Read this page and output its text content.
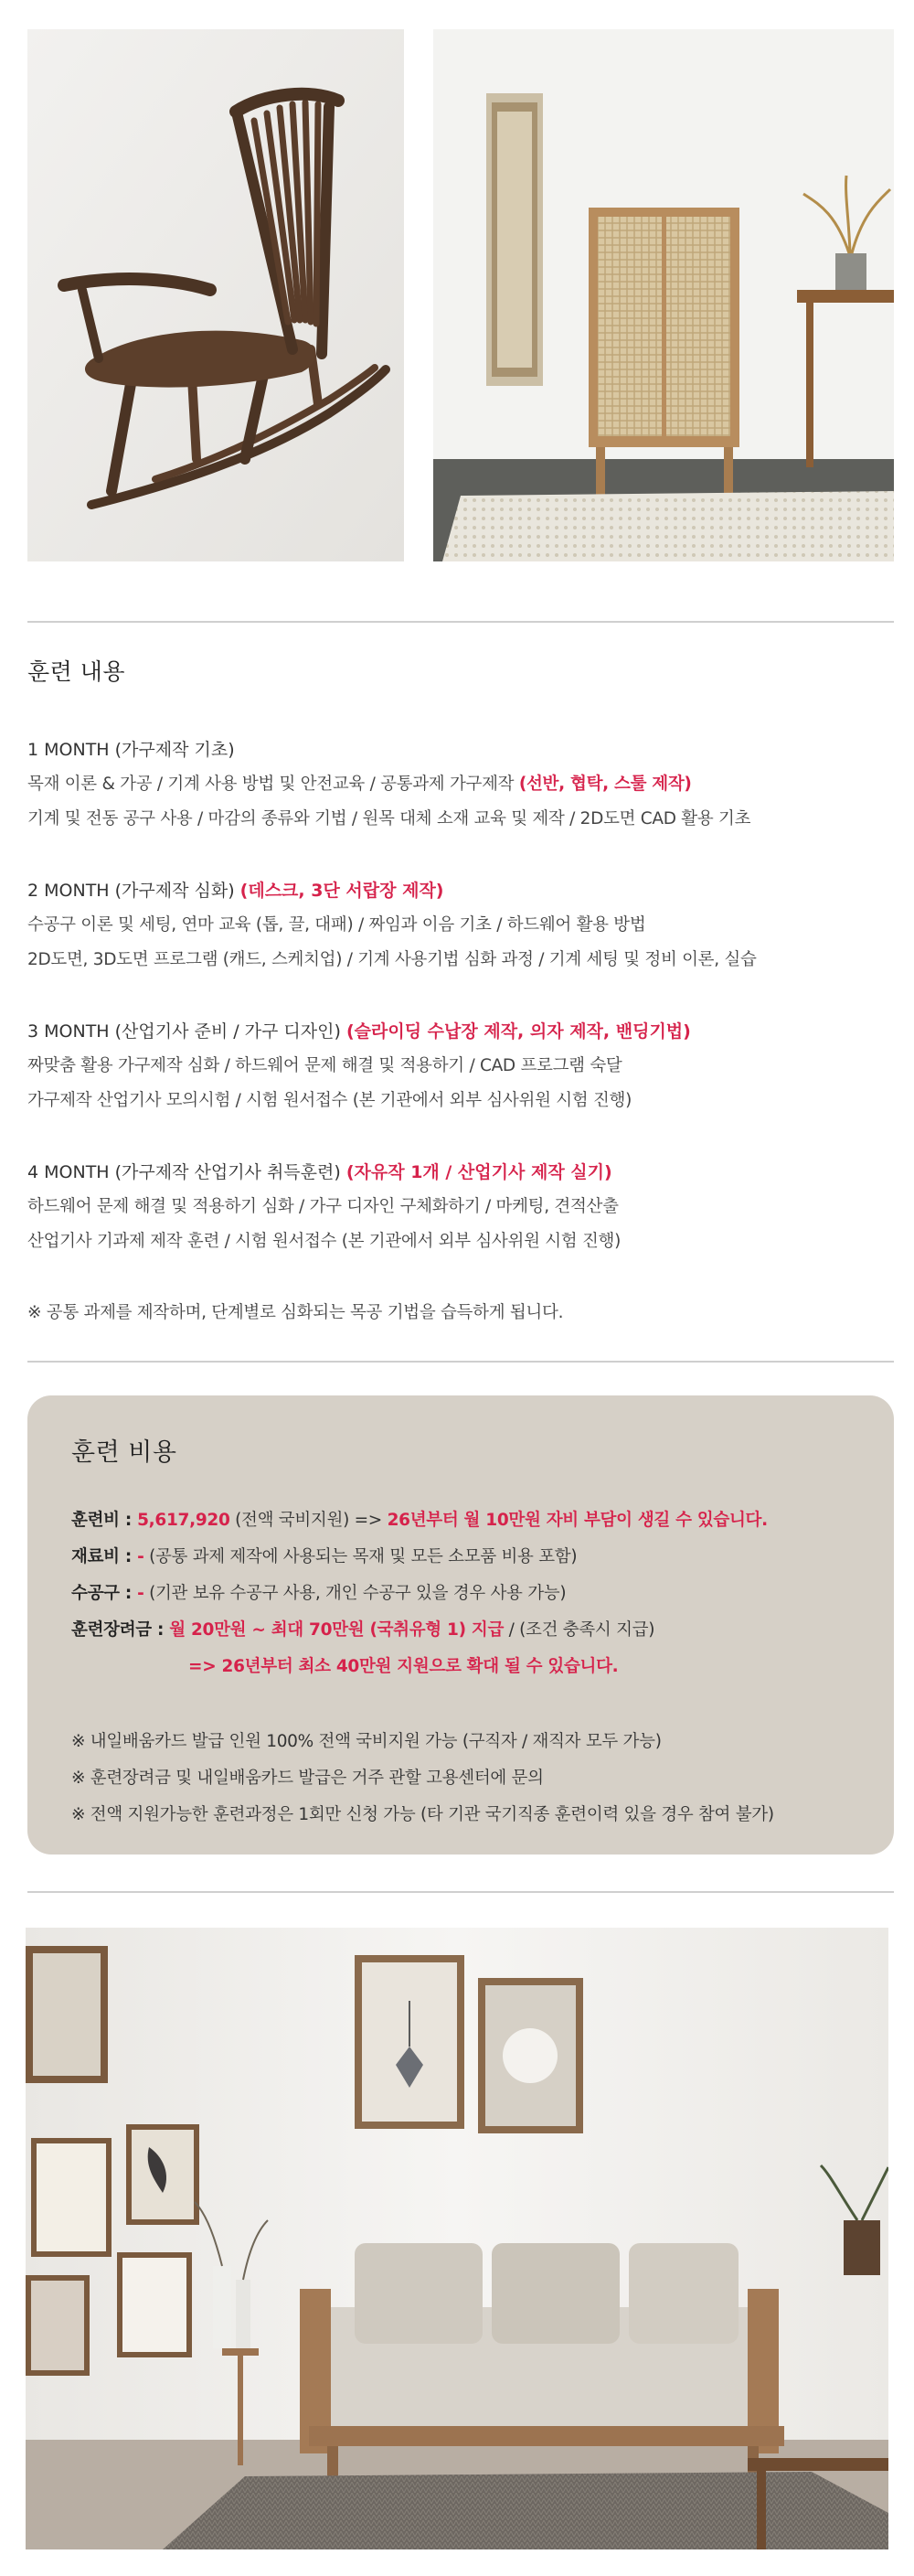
훈련 내용
1 MONTH (가구제작 기초)
목재 이론 & 가공 / 기계 사용 방법 및 안전교육 / 공통과제 가구제작 (선반, 협탁, 스툴 제작)
기계 및 전동 공구 사용 / 마감의 종류와 기법 / 원목 대체 소재 교육 및 제작 / 2D도면 CAD 활용 기초
2 MONTH (가구제작 심화) (데스크, 3단 서랍장 제작)
수공구 이론 및 세팅, 연마 교육 (톱, 끌, 대패) / 짜임과 이음 기초 / 하드웨어 활용 방법
2D도면, 3D도면 프로그램 (캐드, 스케치업) / 기계 사용기법 심화 과정 / 기계 세팅 및 정비 이론, 실습
3 MONTH (산업기사 준비 / 가구 디자인) (슬라이딩 수납장 제작, 의자 제작, 밴딩기법)
짜맞춤 활용 가구제작 심화 / 하드웨어 문제 해결 및 적용하기 / CAD 프로그램 숙달
가구제작 산업기사 모의시험 / 시험 원서접수 (본 기관에서 외부 심사위원 시험 진행)
4 MONTH (가구제작 산업기사 취득훈련) (자유작 1개 / 산업기사 제작 실기)
하드웨어 문제 해결 및 적용하기 심화 / 가구 디자인 구체화하기 / 마케팅, 견적산출
산업기사 기과제 제작 훈련 / 시험 원서접수 (본 기관에서 외부 심사위원 시험 진행)

※ 공통 과제를 제작하며, 단계별로 심화되는 목공 기법을 습득하게 됩니다.

훈련 비용
훈련비 : 5,617,920 (전액 국비지원) => 26년부터 월 10만원 자비 부담이 생길 수 있습니다.
재료비 : - (공통 과제 제작에 사용되는 목재 및 모든 소모품 비용 포함)
수공구 : - (기관 보유 수공구 사용, 개인 수공구 있을 경우 사용 가능)
훈련장려금 : 월 20만원 ~ 최대 70만원 (국취유형 1) 지급 / (조건 충족시 지급)
=> 26년부터 최소 40만원 지원으로 확대 될 수 있습니다.

※ 내일배움카드 발급 인원 100% 전액 국비지원 가능 (구직자 / 재직자 모두 가능)

※ 훈련장려금 및 내일배움카드 발급은 거주 관할 고용센터에 문의

※ 전액 지원가능한 훈련과정은 1회만 신청 가능 (타 기관 국기직종 훈련이력 있을 경우 참여 불가)
